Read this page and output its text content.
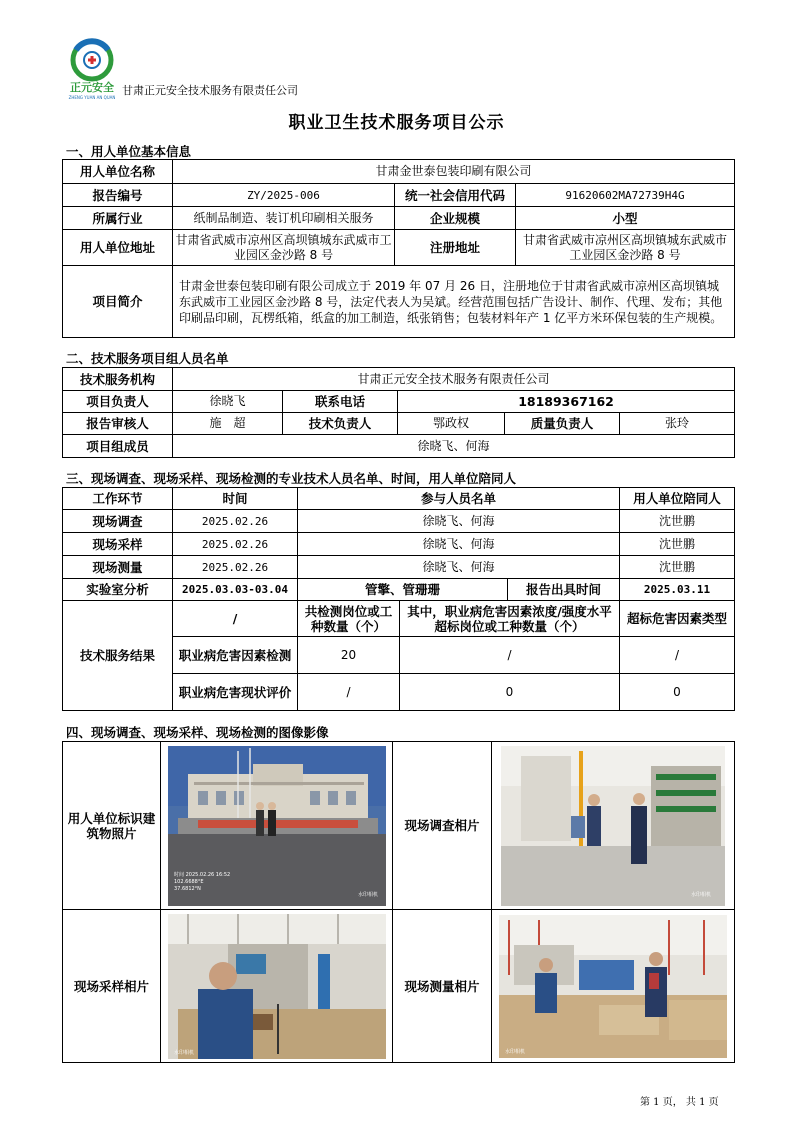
正元安全
ZHENG YUAN AN QUAN
甘肃正元安全技术服务有限责任公司
职业卫生技术服务项目公示
一、用人单位基本信息
用人单位名称	甘肃金世泰包装印刷有限公司		
报告编号	ZY/2025-006	统一社会信用代码	91620602MA72739H4G
所属行业	纸制品制造、装订机印刷相关服务	企业规模	小型
用人单位地址	甘肃省武威市凉州区高坝镇城东武威市工业园区金沙路 8 号	注册地址	甘肃省武威市凉州区高坝镇城东武威市工业园区金沙路 8 号
项目简介	甘肃金世泰包装印刷有限公司成立于 2019 年 07 月 26 日，注册地位于甘肃省武威市凉州区高坝镇城东武威市工业园区金沙路 8 号，法定代表人为吴斌。经营范围包括广告设计、制作、代理、发布；其他印刷品印刷，瓦楞纸箱，纸盒的加工制造，纸张销售；包装材料年产 1 亿平方米环保包装的生产规模。		
二、技术服务项目组人员名单
技术服务机构	甘肃正元安全技术服务有限责任公司				
项目负责人	徐晓飞	联系电话	18189367162		
报告审核人	施　超	技术负责人	鄂政权	质量负责人	张玲
项目组成员	徐晓飞、何海				
三、现场调查、现场采样、现场检测的专业技术人员名单、时间，用人单位陪同人
工作环节	时间	参与人员名单			用人单位陪同人
现场调查	2025.02.26	徐晓飞、何海			沈世鹏
现场采样	2025.02.26	徐晓飞、何海			沈世鹏
现场测量	2025.02.26	徐晓飞、何海			沈世鹏
实验室分析	2025.03.03-03.04	管擎、管珊珊		报告出具时间	2025.03.11
技术服务结果	/	共检测岗位或工种数量（个）	其中，职业病危害因素浓度/强度水平超标岗位或工种数量（个）		超标危害因素类型
	职业病危害因素检测	20	/		/
	职业病危害现状评价	/	0		0
四、现场调查、现场采样、现场检测的图像影像
用人单位标识建筑物照片	时间 2025.02.26 16:52
102.6688°E
37.6812°N
水印相机	现场调查相片	水印相机

现场采样相片	水印相机	现场测量相片	水印相机
第 1 页， 共 1 页
